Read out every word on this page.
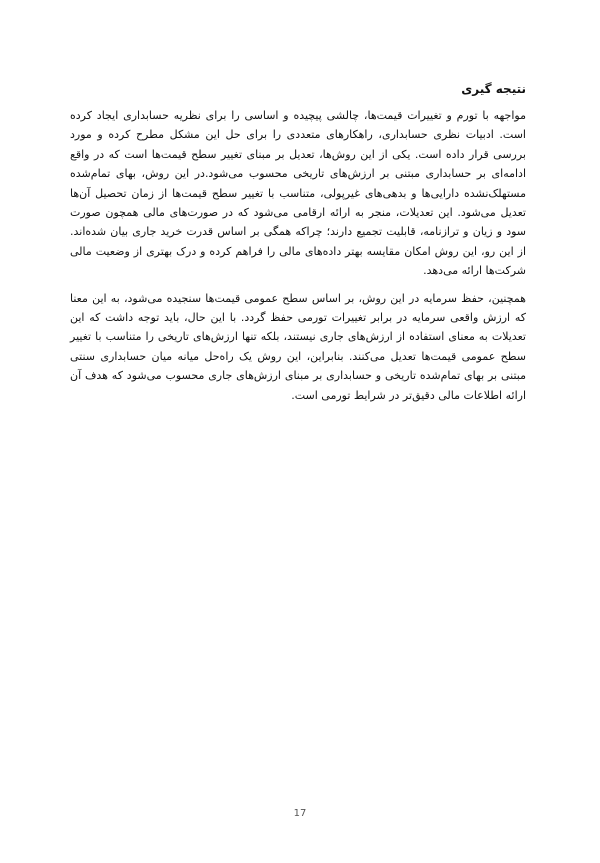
نتیجه گیری

مواجهه با تورم و تغییرات قیمت‌ها، چالشی پیچیده و اساسی را برای نظریه حسابداری ایجاد کرده است. ادبیات نظری حسابداری، راهکارهای متعددی را برای حل این مشکل مطرح کرده و مورد بررسی قرار داده است. یکی از این روش‌ها، تعدیل بر مبنای تغییر سطح قیمت‌ها است که در واقع ادامه‌ای بر حسابداری مبتنی بر ارزش‌های تاریخی محسوب می‌شود.در این روش، بهای تمام‌شده مستهلک‌نشده دارایی‌ها و بدهی‌های غیرپولی، متناسب با تغییر سطح قیمت‌ها از زمان تحصیل آن‌ها تعدیل می‌شود. این تعدیلات، منجر به ارائه ارقامی می‌شود که در صورت‌های مالی همچون صورت سود و زیان و ترازنامه، قابلیت تجمیع دارند؛ چراکه همگی بر اساس قدرت خرید جاری بیان شده‌اند. از این رو، این روش امکان مقایسه بهتر داده‌های مالی را فراهم کرده و درک بهتری از وضعیت مالی شرکت‌ها ارائه می‌دهد.

همچنین، حفظ سرمایه در این روش، بر اساس سطح عمومی قیمت‌ها سنجیده می‌شود، به این معنا که ارزش واقعی سرمایه در برابر تغییرات تورمی حفظ گردد. با این حال، باید توجه داشت که این تعدیلات به معنای استفاده از ارزش‌های جاری نیستند، بلکه تنها ارزش‌های تاریخی را متناسب با تغییر سطح عمومی قیمت‌ها تعدیل می‌کنند. بنابراین، این روش یک راه‌حل میانه میان حسابداری سنتی مبتنی بر بهای تمام‌شده تاریخی و حسابداری بر مبنای ارزش‌های جاری محسوب می‌شود که هدف آن ارائه اطلاعات مالی دقیق‌تر در شرایط تورمی است.

17
